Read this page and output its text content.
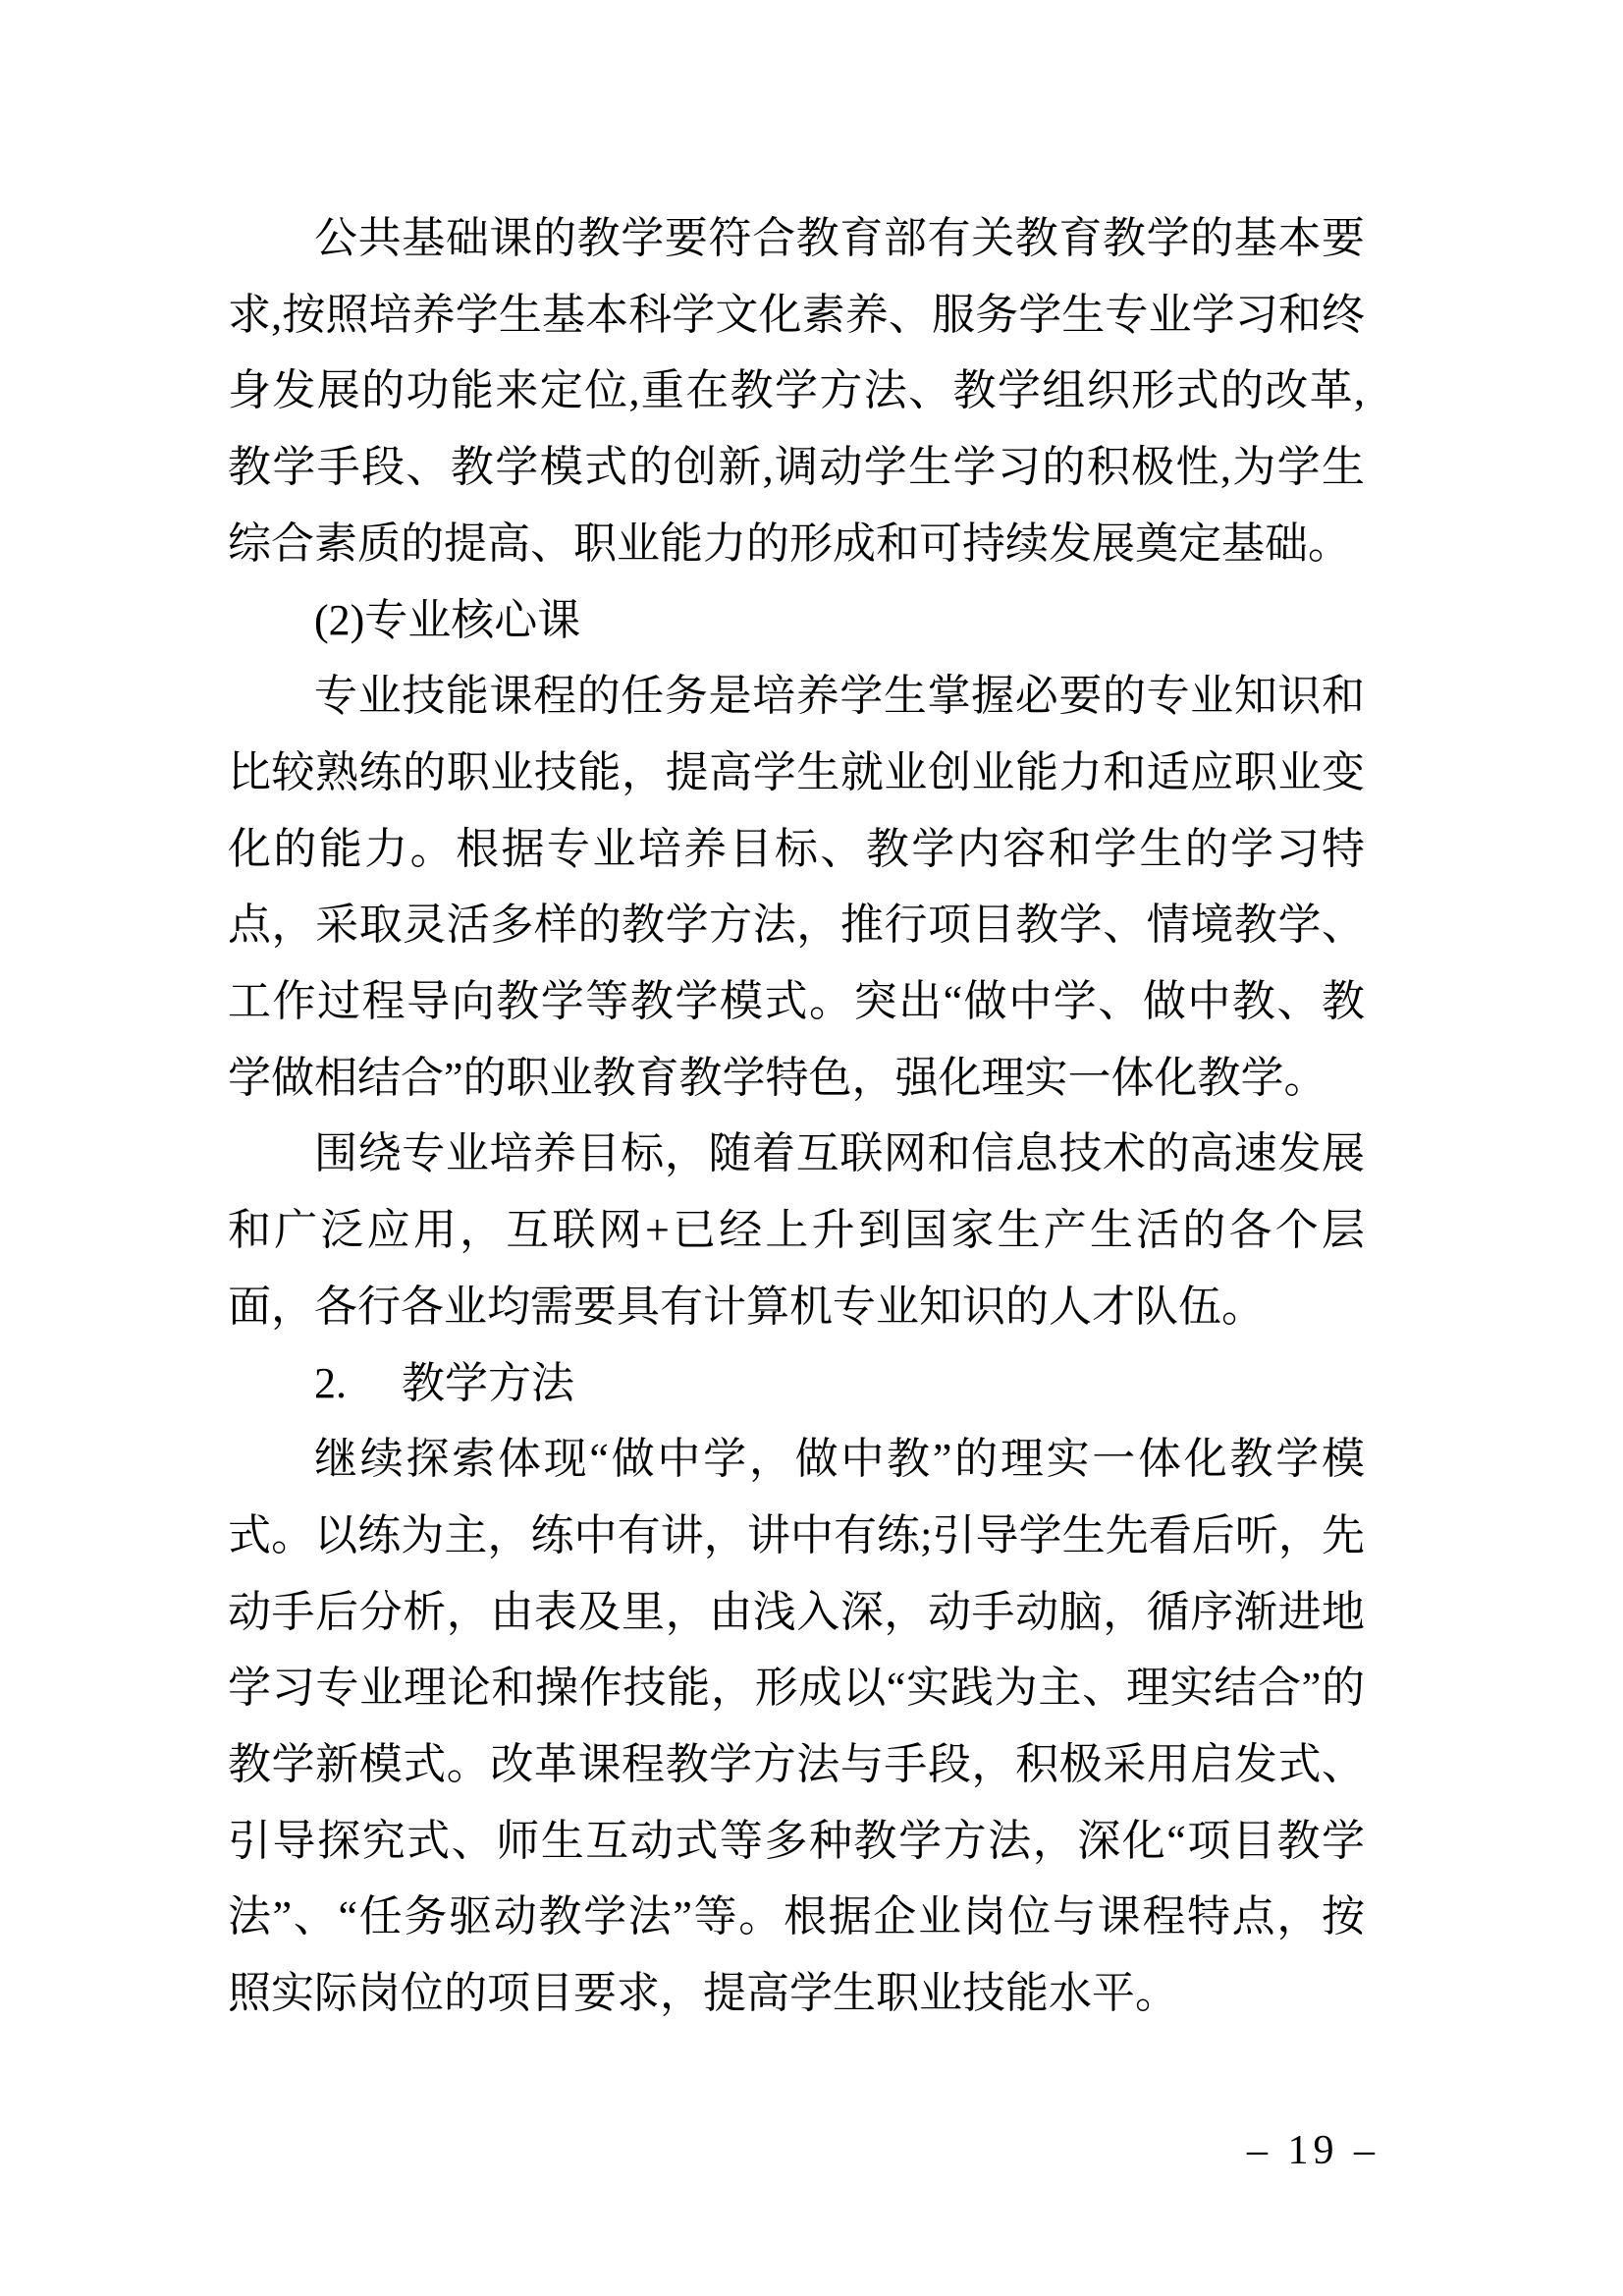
公共基础课的教学要符合教育部有关教育教学的基本要求,按照培养学生基本科学文化素养、服务学生专业学习和终身发展的功能来定位,重在教学方法、教学组织形式的改革,教学手段、教学模式的创新,调动学生学习的积极性,为学生综合素质的提高、职业能力的形成和可持续发展奠定基础。

(2)专业核心课

专业技能课程的任务是培养学生掌握必要的专业知识和比较熟练的职业技能，提高学生就业创业能力和适应职业变化的能力。根据专业培养目标、教学内容和学生的学习特点，采取灵活多样的教学方法，推行项目教学、情境教学、工作过程导向教学等教学模式。突出“做中学、做中教、教学做相结合”的职业教育教学特色，强化理实一体化教学。

围绕专业培养目标，随着互联网和信息技术的高速发展和广泛应用，互联网+已经上升到国家生产生活的各个层面，各行各业均需要具有计算机专业知识的人才队伍。

2. 教学方法

继续探索体现“做中学，做中教”的理实一体化教学模式。以练为主，练中有讲，讲中有练;引导学生先看后听，先动手后分析，由表及里，由浅入深，动手动脑，循序渐进地学习专业理论和操作技能，形成以“实践为主、理实结合”的教学新模式。改革课程教学方法与手段，积极采用启发式、引导探究式、师生互动式等多种教学方法，深化“项目教学法”、“任务驱动教学法”等。根据企业岗位与课程特点，按照实际岗位的项目要求，提高学生职业技能水平。

– 19 –
